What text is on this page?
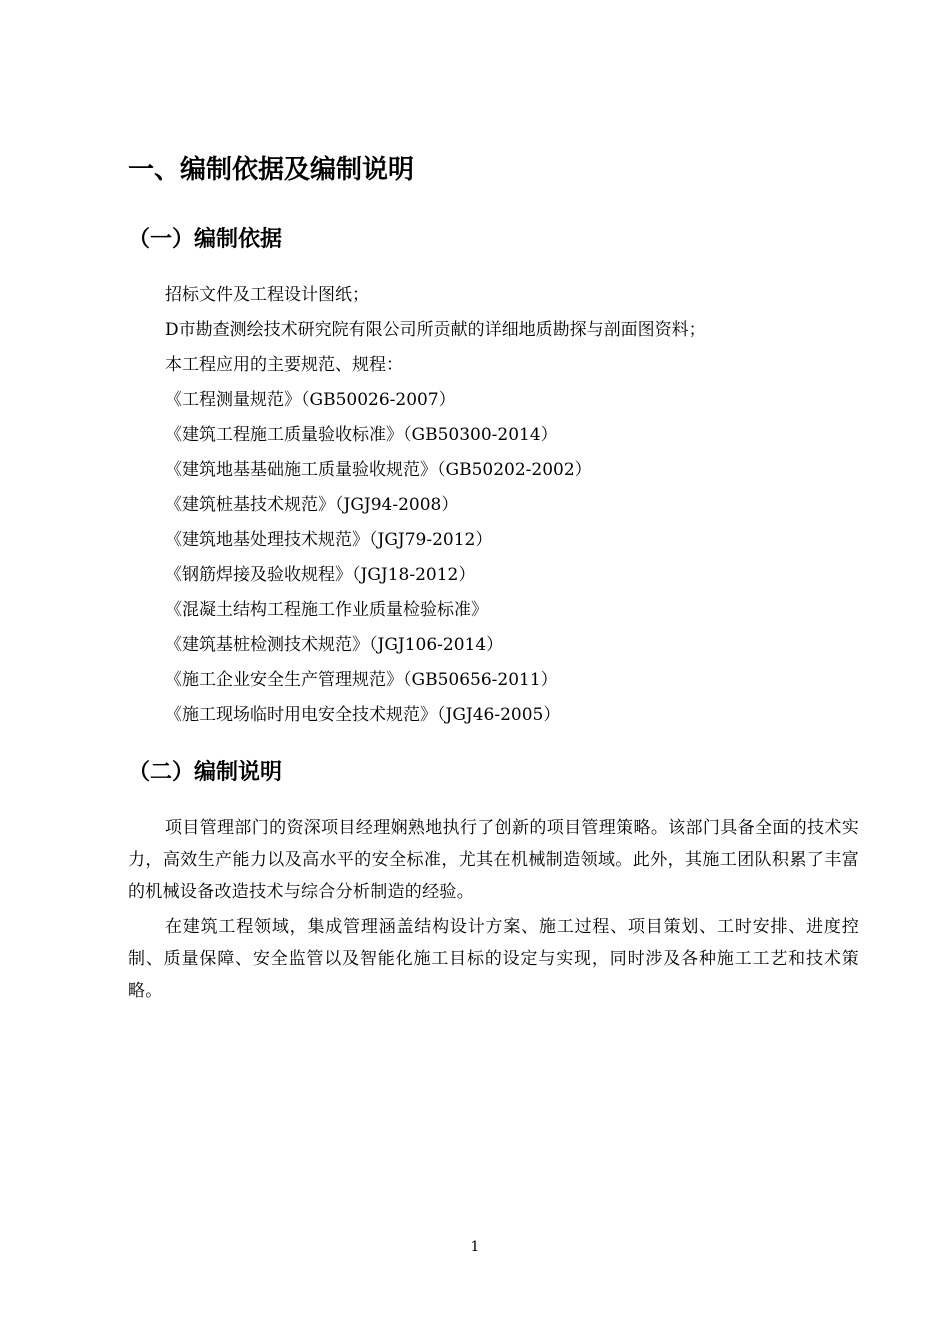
一、编制依据及编制说明
（一）编制依据
招标文件及工程设计图纸；
D市勘查测绘技术研究院有限公司所贡献的详细地质勘探与剖面图资料；
本工程应用的主要规范、规程：
《工程测量规范》（GB50026-2007）
《建筑工程施工质量验收标准》（GB50300-2014）
《建筑地基基础施工质量验收规范》（GB50202-2002）
《建筑桩基技术规范》（JGJ94-2008）
《建筑地基处理技术规范》（JGJ79-2012）
《钢筋焊接及验收规程》（JGJ18-2012）
《混凝土结构工程施工作业质量检验标准》
《建筑基桩检测技术规范》（JGJ106-2014）
《施工企业安全生产管理规范》（GB50656-2011）
《施工现场临时用电安全技术规范》（JGJ46-2005）
（二）编制说明

项目管理部门的资深项目经理娴熟地执行了创新的项目管理策略。该部门具备全面的技术实力，高效生产能力以及高水平的安全标准，尤其在机械制造领域。此外，其施工团队积累了丰富的机械设备改造技术与综合分析制造的经验。

在建筑工程领域，集成管理涵盖结构设计方案、施工过程、项目策划、工时安排、进度控制、质量保障、安全监管以及智能化施工目标的设定与实现，同时涉及各种施工工艺和技术策略。

1
